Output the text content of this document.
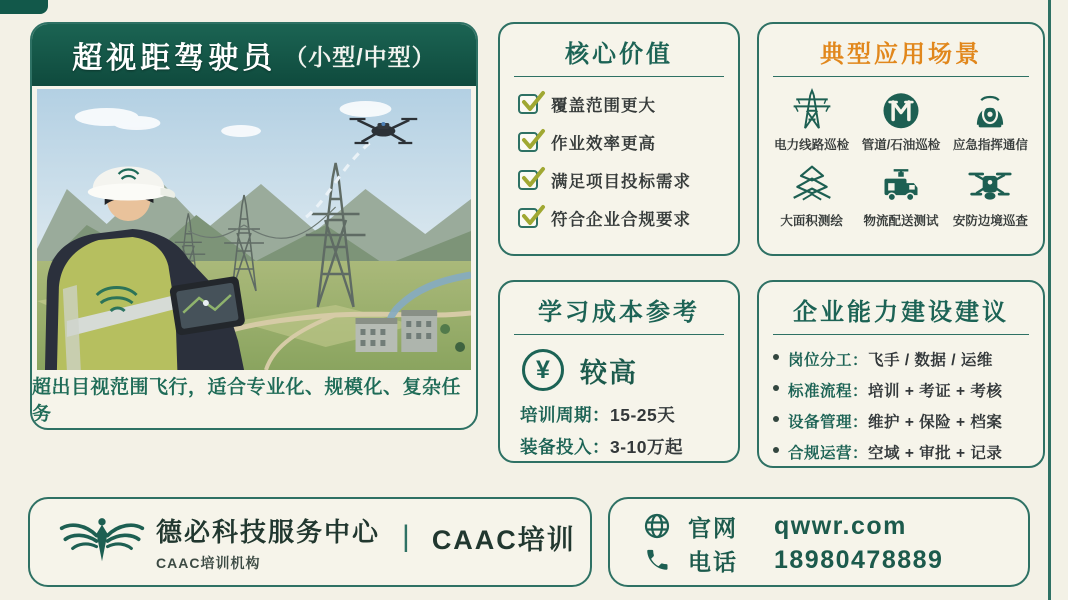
超视距驾驶员 （小型/中型）
超出目视范围飞行，适合专业化、规模化、复杂任务
核心价值
覆盖范围更大
作业效率更高
满足项目投标需求
符合企业合规要求
典型应用场景
电力线路巡检	管道/石油巡检	应急指挥通信
大面积测绘	物流配送测试	安防边境巡查
学习成本参考
¥ 较高
培训周期：15-25天
装备投入：3-10万起
企业能力建设建议
岗位分工： 飞手 / 数据 / 运维
标准流程： 培训 + 考证 + 考核
设备管理： 维护 + 保险 + 档案
合规运营： 空域 + 审批 + 记录
德必科技服务中心
CAAC培训机构
| CAAC培训	官网	qwwr.com
电话	18980478889
